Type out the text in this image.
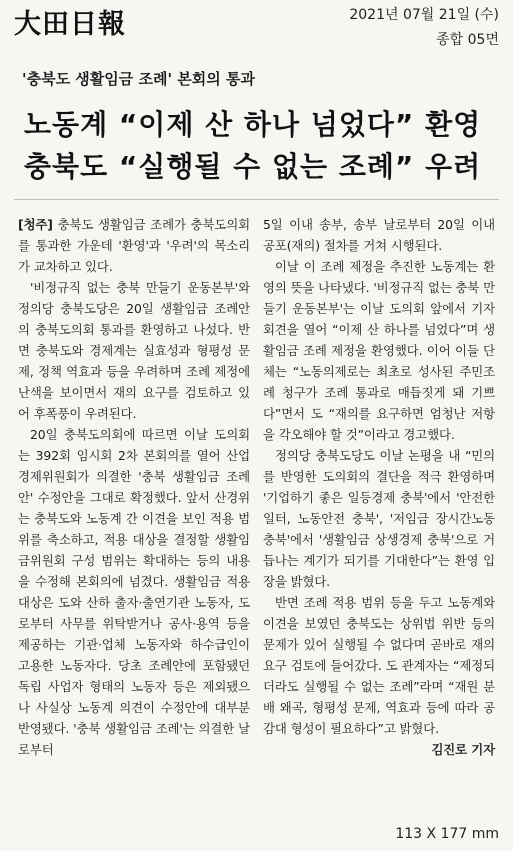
大田日報	2021년 07월 21일 (수)
종합 05면
'충북도 생활임금 조례' 본회의 통과
노동계 “이제 산 하나 넘었다” 환영
충북도 “실행될 수 없는 조례” 우려

[청주] 충북도 생활임금 조례가 충북도의회를 통과한 가운데 '환영'과 '우려'의 목소리가 교차하고 있다.

'비정규직 없는 충북 만들기 운동본부'와 정의당 충북도당은 20일 생활임금 조례안의 충북도의회 통과를 환영하고 나섰다. 반면 충북도와 경제계는 실효성과 형평성 문제, 정책 역효과 등을 우려하며 조례 제정에 난색을 보이면서 재의 요구를 검토하고 있어 후폭풍이 우려된다.

20일 충북도의회에 따르면 이날 도의회는 392회 임시회 2차 본회의를 열어 산업경제위원회가 의결한 '충북 생활임금 조례안' 수정안을 그대로 확정했다. 앞서 산경위는 충북도와 노동계 간 이견을 보인 적용 범위를 축소하고, 적용 대상을 결정할 생활임금위원회 구성 범위는 확대하는 등의 내용을 수정해 본회의에 넘겼다. 생활임금 적용 대상은 도와 산하 출자·출연기관 노동자, 도로부터 사무를 위탁받거나 공사·용역 등을 제공하는 기관·업체 노동자와 하수급인이 고용한 노동자다. 당초 조례안에 포함됐던 독립 사업자 형태의 노동자 등은 제외됐으나 사실상 노동계 의견이 수정안에 대부분 반영됐다. '충북 생활임금 조례'는 의결한 날로부터

5일 이내 송부, 송부 날로부터 20일 이내 공포(재의) 절차를 거쳐 시행된다.

이날 이 조례 제정을 추진한 노동계는 환영의 뜻을 나타냈다. '비정규직 없는 충북 만들기 운동본부'는 이날 도의회 앞에서 기자회견을 열어 “이제 산 하나를 넘었다”며 생활임금 조례 제정을 환영했다. 이어 이들 단체는 “노동의제로는 최초로 성사된 주민조례 청구가 조례 통과로 매듭짓게 돼 기쁘다”면서 도 “재의를 요구하면 엄청난 저항을 각오해야 할 것”이라고 경고했다.

정의당 충북도당도 이날 논평을 내 “민의를 반영한 도의회의 결단을 적극 환영하며 '기업하기 좋은 일등경제 충북'에서 '안전한 일터, 노동안전 충북', '저임금 장시간노동 충북'에서 '생활임금 상생경제 충북'으로 거듭나는 계기가 되기를 기대한다”는 환영 입장을 밝혔다.

반면 조례 적용 범위 등을 두고 노동계와 이견을 보였던 충북도는 상위법 위반 등의 문제가 있어 실행될 수 없다며 곧바로 재의 요구 검토에 들어갔다. 도 관계자는 “제정되더라도 실행될 수 없는 조례”라며 “재원 분배 왜곡, 형평성 문제, 역효과 등에 따라 공감대 형성이 필요하다”고 밝혔다.
김진로 기자

113 X 177 mm
